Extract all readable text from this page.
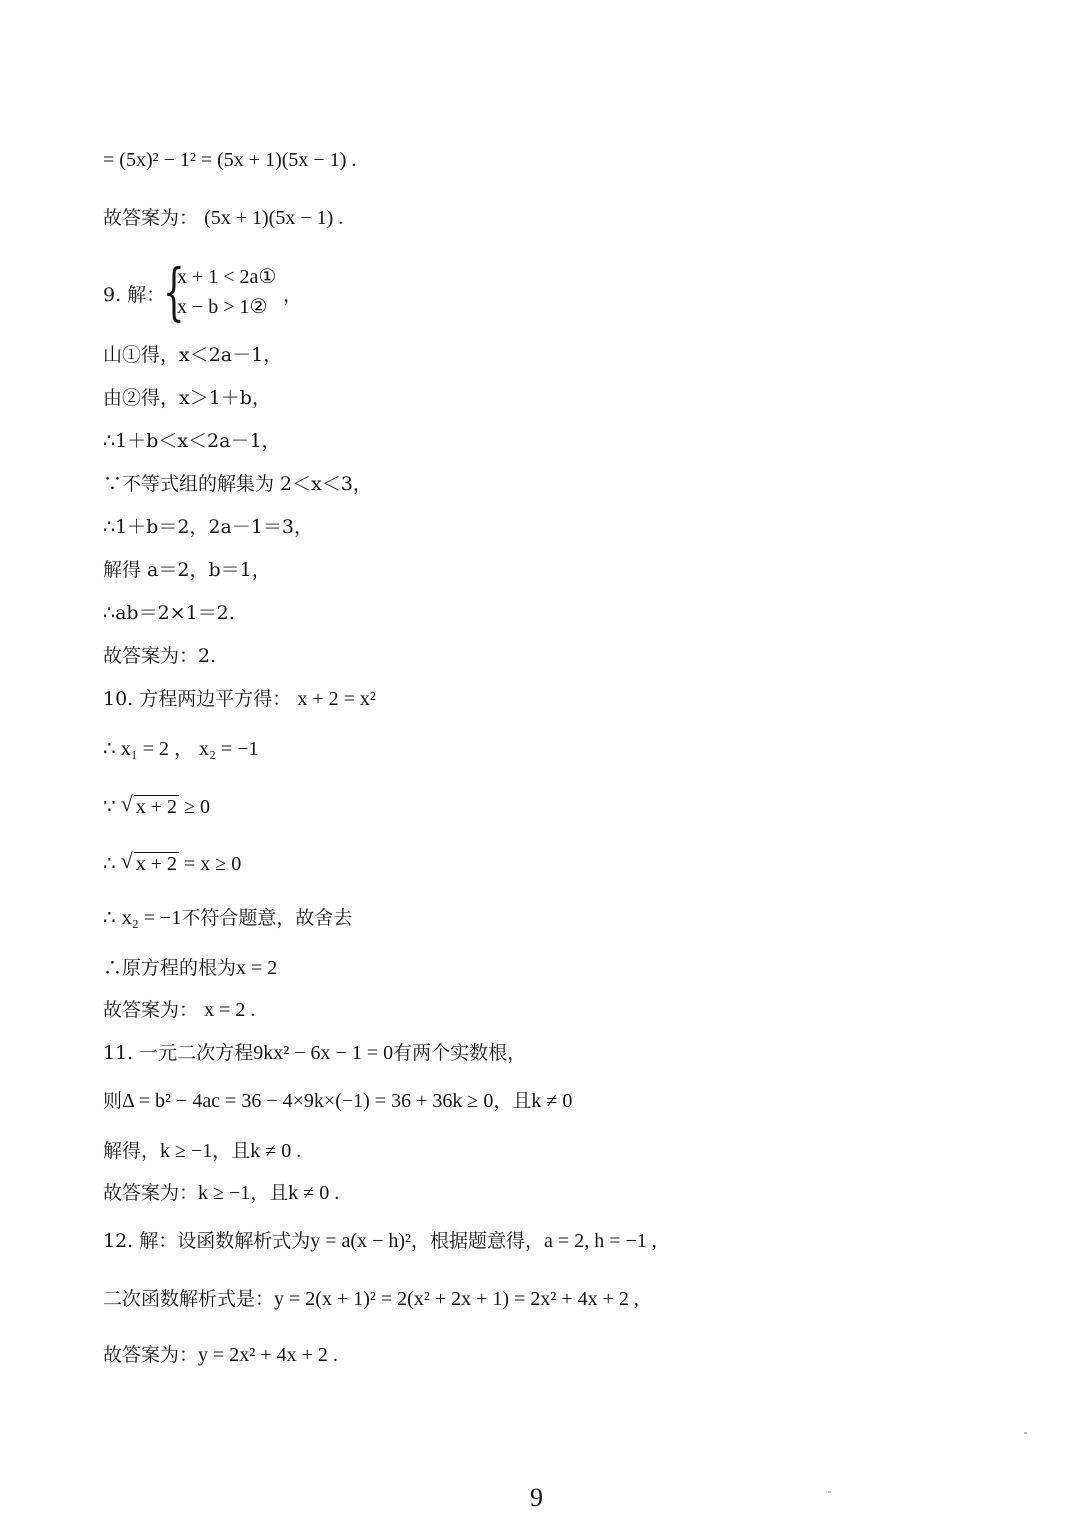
= (5x)² − 1² = (5x + 1)(5x − 1) .
故答案为： (5x + 1)(5x − 1) .
9. 解：
{
x + 1 < 2a①
x − b > 1②
，
山①得，x＜2a－1，
由②得，x＞1＋b，
∴1＋b＜x＜2a－1，
∵不等式组的解集为 2＜x＜3，
∴1＋b＝2，2a－1＝3，
解得 a＝2，b＝1，
∴ab＝2×1＝2.
故答案为：2.
10. 方程两边平方得： x + 2 = x²
∴ x₁ = 2 ， x₂ = −1
∵ √ x + 2 ≥ 0
∴ √ x + 2 = x ≥ 0
∴ x₂ = −1不符合题意，故舍去
∴原方程的根为x = 2
故答案为： x = 2 .
11. 一元二次方程9kx² − 6x − 1 = 0有两个实数根，
则Δ = b² − 4ac = 36 − 4×9k×(−1) = 36 + 36k ≥ 0，且k ≠ 0
解得，k ≥ −1，且k ≠ 0 .
故答案为：k ≥ −1，且k ≠ 0 .
12. 解：设函数解析式为y = a(x − h)²，根据题意得，a = 2, h = −1 ,
二次函数解析式是：y = 2(x + 1)² = 2(x² + 2x + 1) = 2x² + 4x + 2 ,
故答案为：y = 2x² + 4x + 2 .
9
